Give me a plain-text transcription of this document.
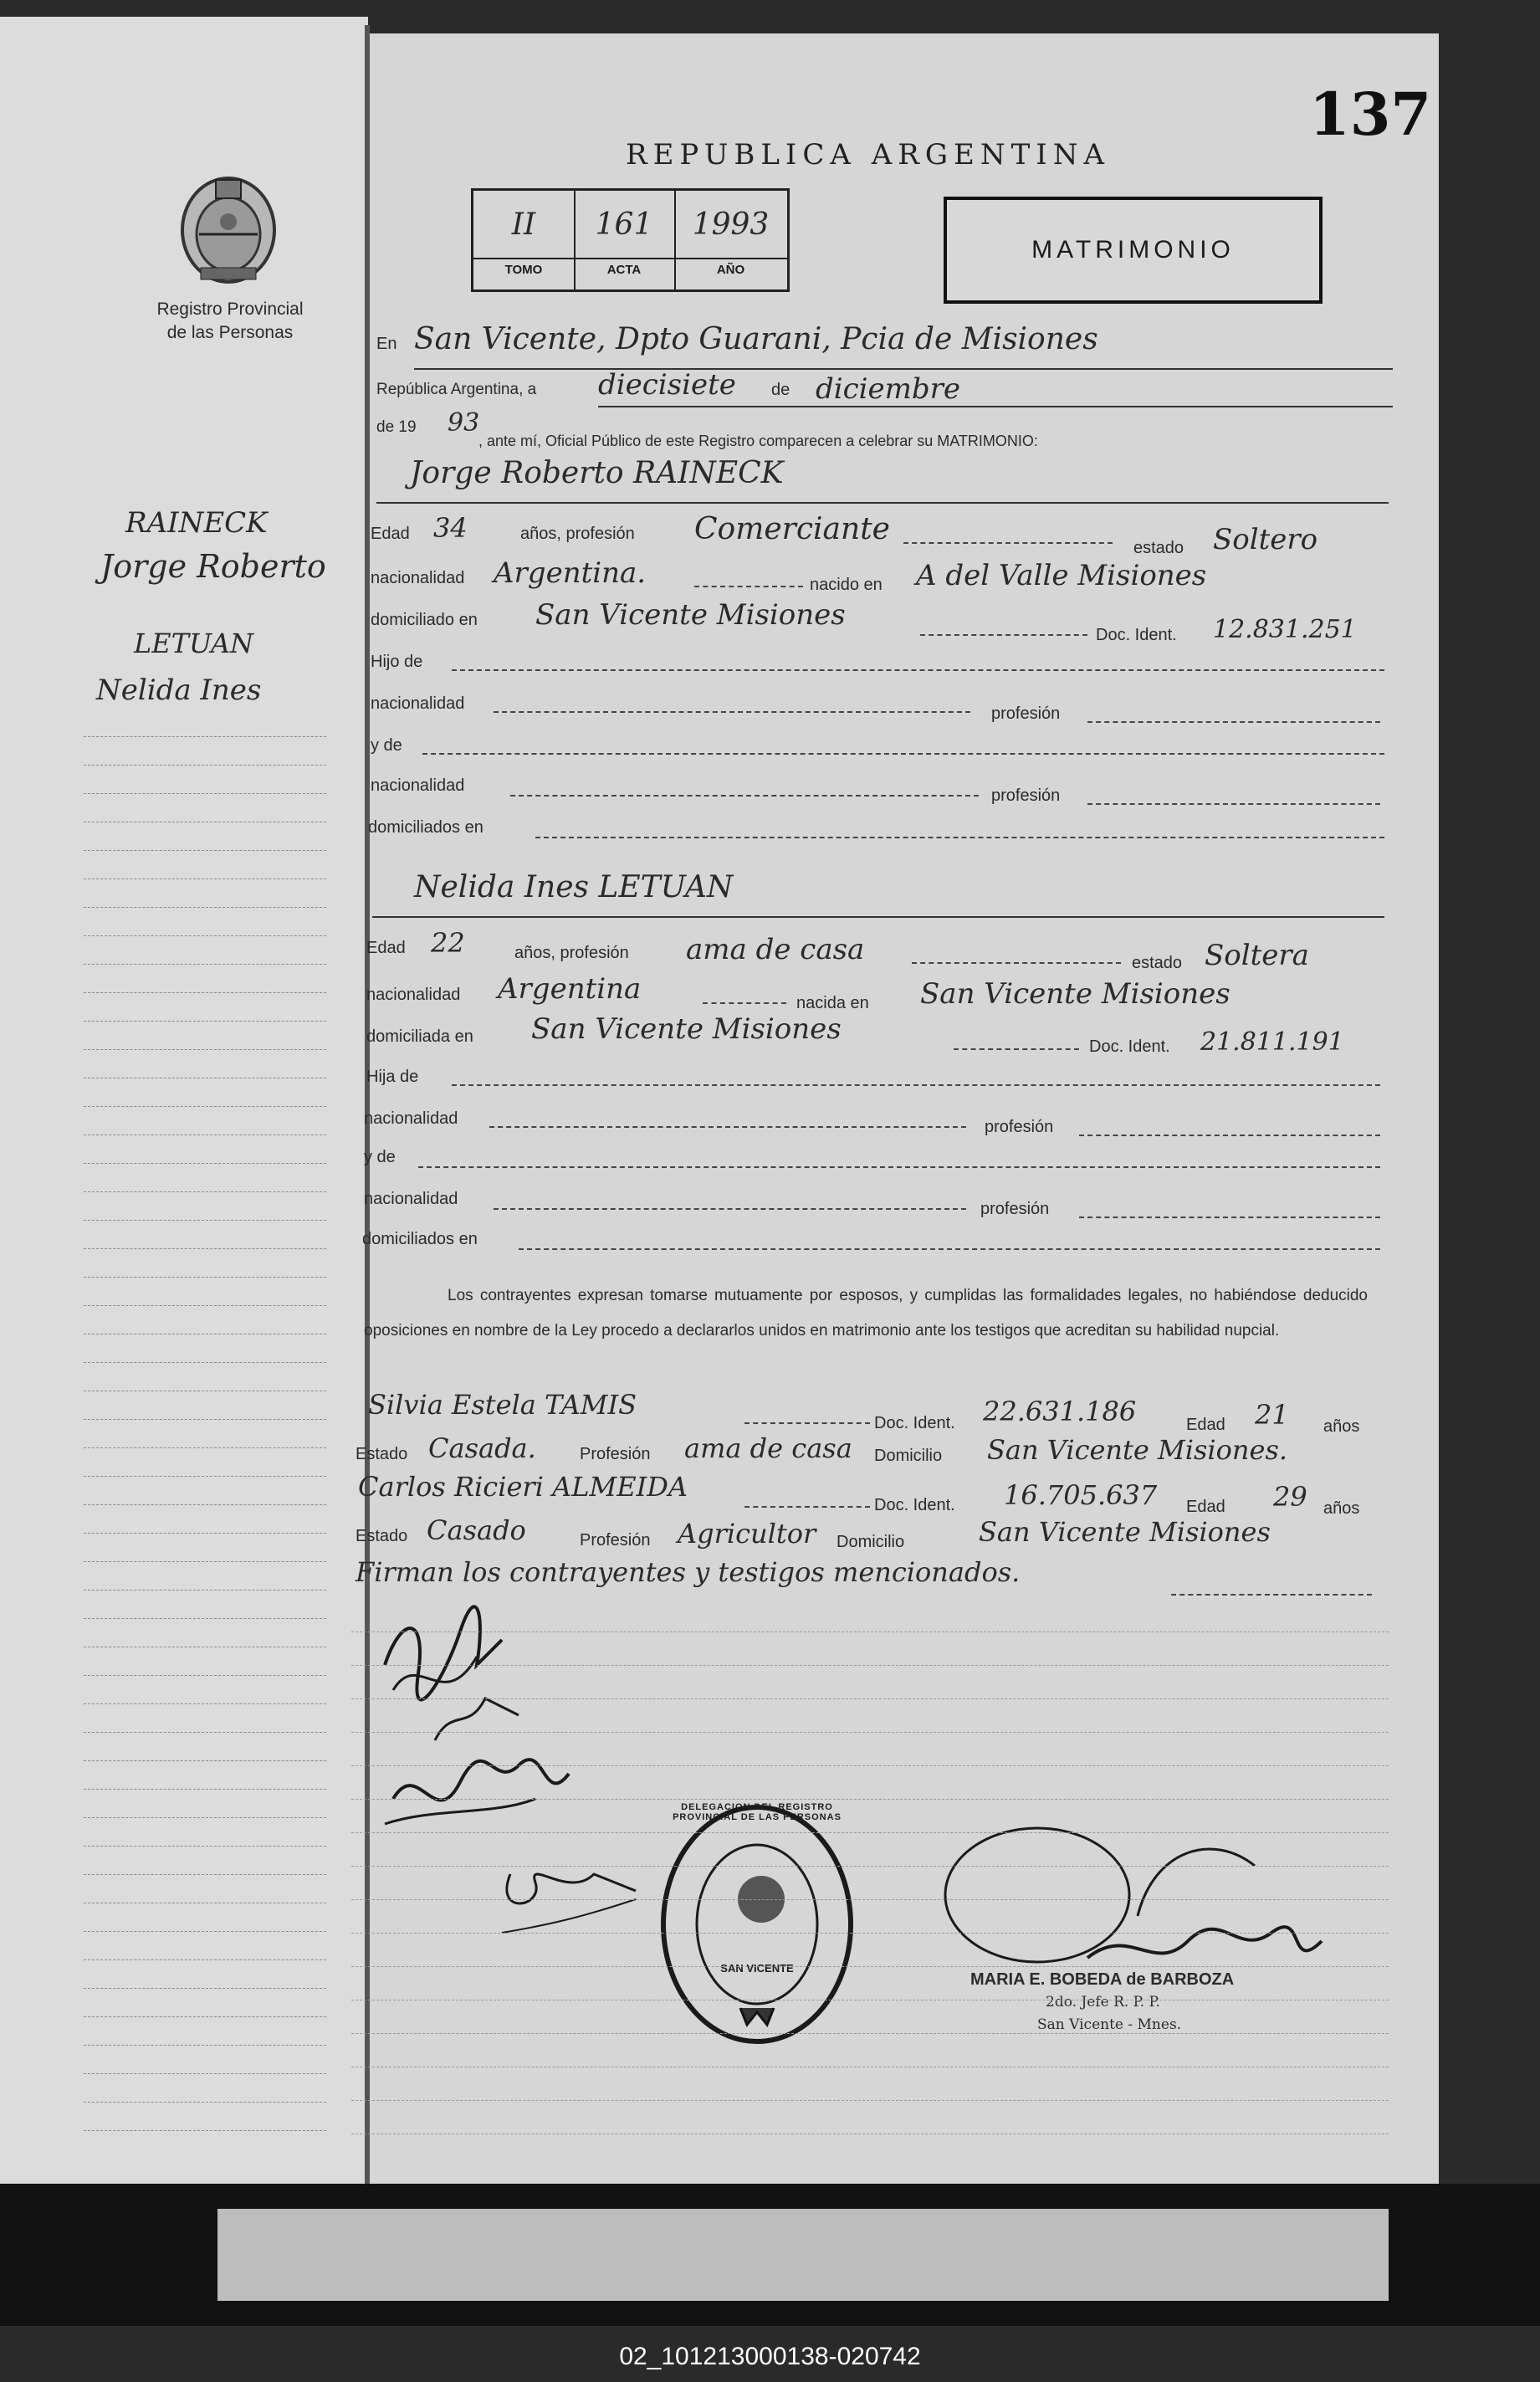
137
REPUBLICA ARGENTINA
Registro Provincial
de las Personas
II	161	1993
TOMO	ACTA	AÑO
MATRIMONIO
RAINECK
Jorge Roberto
LETUAN
Nelida Ines
En San Vicente, Dpto Guarani, Pcia de Misiones
República Argentina, a diecisiete de diciembre
de 19 93
, ante mí, Oficial Público de este Registro comparecen a celebrar su MATRIMONIO:
Jorge Roberto RAINECK
Edad 34	años, profesión Comerciante
estado Soltero
nacionalidad Argentina.	nacido en A del Valle Misiones
domiciliado en San Vicente Misiones
Doc. Ident. 12.831.251
Hijo de
nacionalidad
profesión
y de
nacionalidad
profesión
domiciliados en
Nelida Ines LETUAN
Edad 22	años, profesión ama de casa	estado Soltera
nacionalidad Argentina	nacida en San Vicente Misiones
domiciliada en San Vicente Misiones
Doc. Ident. 21.811.191
Hija de
nacionalidad	profesión
y de
nacionalidad
profesión
domiciliados en
Los contrayentes expresan tomarse mutuamente por esposos, y cumplidas las formalidades legales, no habiéndose deducido oposiciones en nombre de la Ley procedo a declararlos unidos en matrimonio ante los testigos que acreditan su habilidad nupcial.
Silvia Estela TAMIS
Doc. Ident. 22.631.186	Edad 21 años
Estado Casada.	Profesión ama de casa Domicilio San Vicente Misiones.
Carlos Ricieri ALMEIDA
Doc. Ident. 16.705.637 Edad 29 años
Estado Casado	Profesión Agricultor Domicilio	San Vicente Misiones
Firman los contrayentes y testigos mencionados.
DELEGACION DEL REGISTRO PROVINCIAL DE LAS PERSONAS
SAN VICENTE
MARIA E. BOBEDA de BARBOZA
2do. Jefe R. P. P.
San Vicente - Mnes.
02_101213000138-020742
